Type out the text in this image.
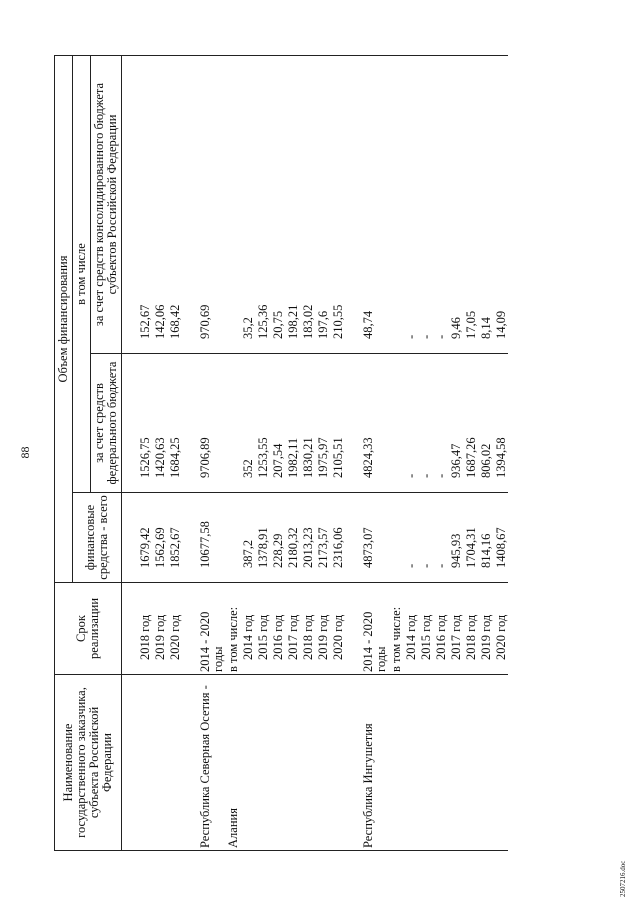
88
Наименование государственного заказчика, субъекта Российской Федерации	Срок реализации	Объем финансирования		
		финансовые средства - всего	в том числе	
			за счет средств федерального бюджета	за счет средств консолидированного бюджета субъектов Российской Федерации

	2018 год	1679,42	1526,75	152,67
	2019 год	1562,69	1420,63	142,06
	2020 год	1852,67	1684,25	168,42

Республика Северная Осетия -	2014 - 2020 годы	10677,58	9706,89	970,69
Алания	в том числе:			
	2014 год	387,2	352	35,2
	2015 год	1378,91	1253,55	125,36
	2016 год	228,29	207,54	20,75
	2017 год	2180,32	1982,11	198,21
	2018 год	2013,23	1830,21	183,02
	2019 год	2173,57	1975,97	197,6
	2020 год	2316,06	2105,51	210,55

Республика Ингушетия	2014 - 2020 годы	4873,07	4824,33	48,74
	в том числе:			
	2014 год	-	-	-
	2015 год	-	-	-
	2016 год	-	-	-
	2017 год	945,93	936,47	9,46
	2018 год	1704,31	1687,26	17,05
	2019 год	814,16	806,02	8,14
	2020 год	1408,67	1394,58	14,09
2507216.doc
